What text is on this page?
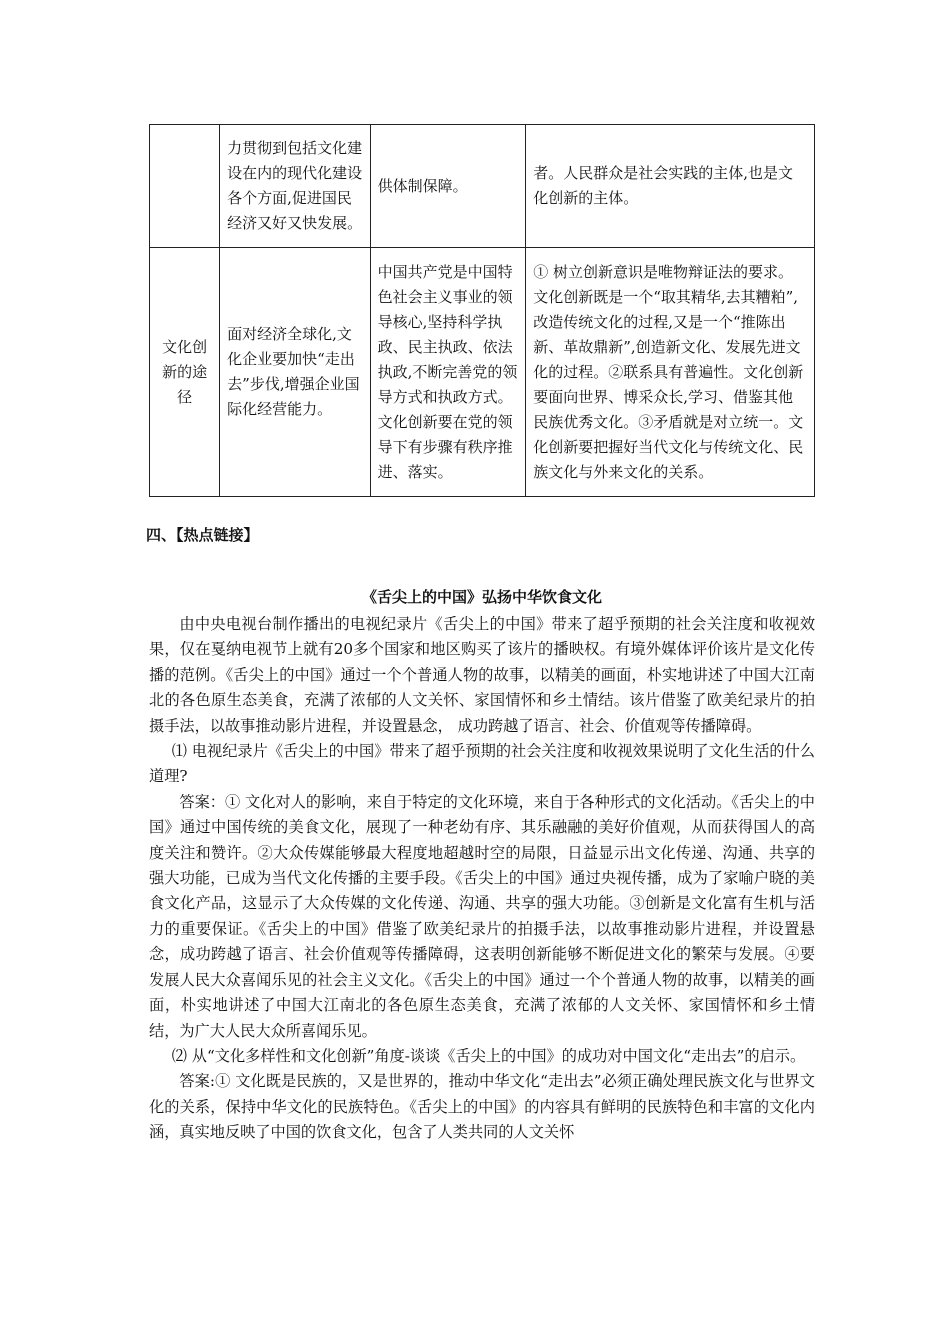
	力贯彻到包括文化建设在内的现代化建设各个方面,促进国民经济又好又快发展。	供体制保障。	者。人民群众是社会实践的主体,也是文化创新的主体。
文化创新的途径	面对经济全球化,文化企业要加快“走出去”步伐,增强企业国际化经营能力。	中国共产党是中国特色社会主义事业的领导核心,坚持科学执政、民主执政、依法执政,不断完善党的领导方式和执政方式。文化创新要在党的领导下有步骤有秩序推进、落实。	① 树立创新意识是唯物辩证法的要求。文化创新既是一个“取其精华,去其糟粕”,改造传统文化的过程,又是一个“推陈出新、革故鼎新”,创造新文化、发展先进文化的过程。②联系具有普遍性。文化创新要面向世界、博采众长,学习、借鉴其他民族优秀文化。③矛盾就是对立统一。文化创新要把握好当代文化与传统文化、民族文化与外来文化的关系。
四、【热点链接】
《舌尖上的中国》弘扬中华饮食文化

由中央电视台制作播出的电视纪录片《舌尖上的中国》带来了超乎预期的社会关注度和收视效果，仅在戛纳电视节上就有20多个国家和地区购买了该片的播映权。有境外媒体评价该片是文化传播的范例。《舌尖上的中国》通过一个个普通人物的故事，以精美的画面，朴实地讲述了中国大江南北的各色原生态美食，充满了浓郁的人文关怀、家国情怀和乡土情结。该片借鉴了欧美纪录片的拍摄手法，以故事推动影片进程，并设置悬念， 成功跨越了语言、社会、价值观等传播障碍。

⑴ 电视纪录片《舌尖上的中国》带来了超乎预期的社会关注度和收视效果说明了文化生活的什么道理?

答案：① 文化对人的影响，来自于特定的文化环境，来自于各种形式的文化活动。《舌尖上的中国》通过中国传统的美食文化，展现了一种老幼有序、其乐融融的美好价值观，从而获得国人的高度关注和赞许。②大众传媒能够最大程度地超越时空的局限，日益显示出文化传递、沟通、共享的强大功能，已成为当代文化传播的主要手段。《舌尖上的中国》通过央视传播，成为了家喻户晓的美食文化产品，这显示了大众传媒的文化传递、沟通、共享的强大功能。③创新是文化富有生机与活力的重要保证。《舌尖上的中国》借鉴了欧美纪录片的拍摄手法，以故事推动影片进程，并设置悬念，成功跨越了语言、社会价值观等传播障碍，这表明创新能够不断促进文化的繁荣与发展。④要发展人民大众喜闻乐见的社会主义文化。《舌尖上的中国》通过一个个普通人物的故事，以精美的画面，朴实地讲述了中国大江南北的各色原生态美食，充满了浓郁的人文关怀、家国情怀和乡土情结，为广大人民大众所喜闻乐见。

⑵ 从“文化多样性和文化创新”角度-谈谈《舌尖上的中国》的成功对中国文化“走出去”的启示。

答案:① 文化既是民族的，又是世界的，推动中华文化“走出去”必须正确处理民族文化与世界文化的关系，保持中华文化的民族特色。《舌尖上的中国》的内容具有鲜明的民族特色和丰富的文化内涵，真实地反映了中国的饮食文化，包含了人类共同的人文关怀
